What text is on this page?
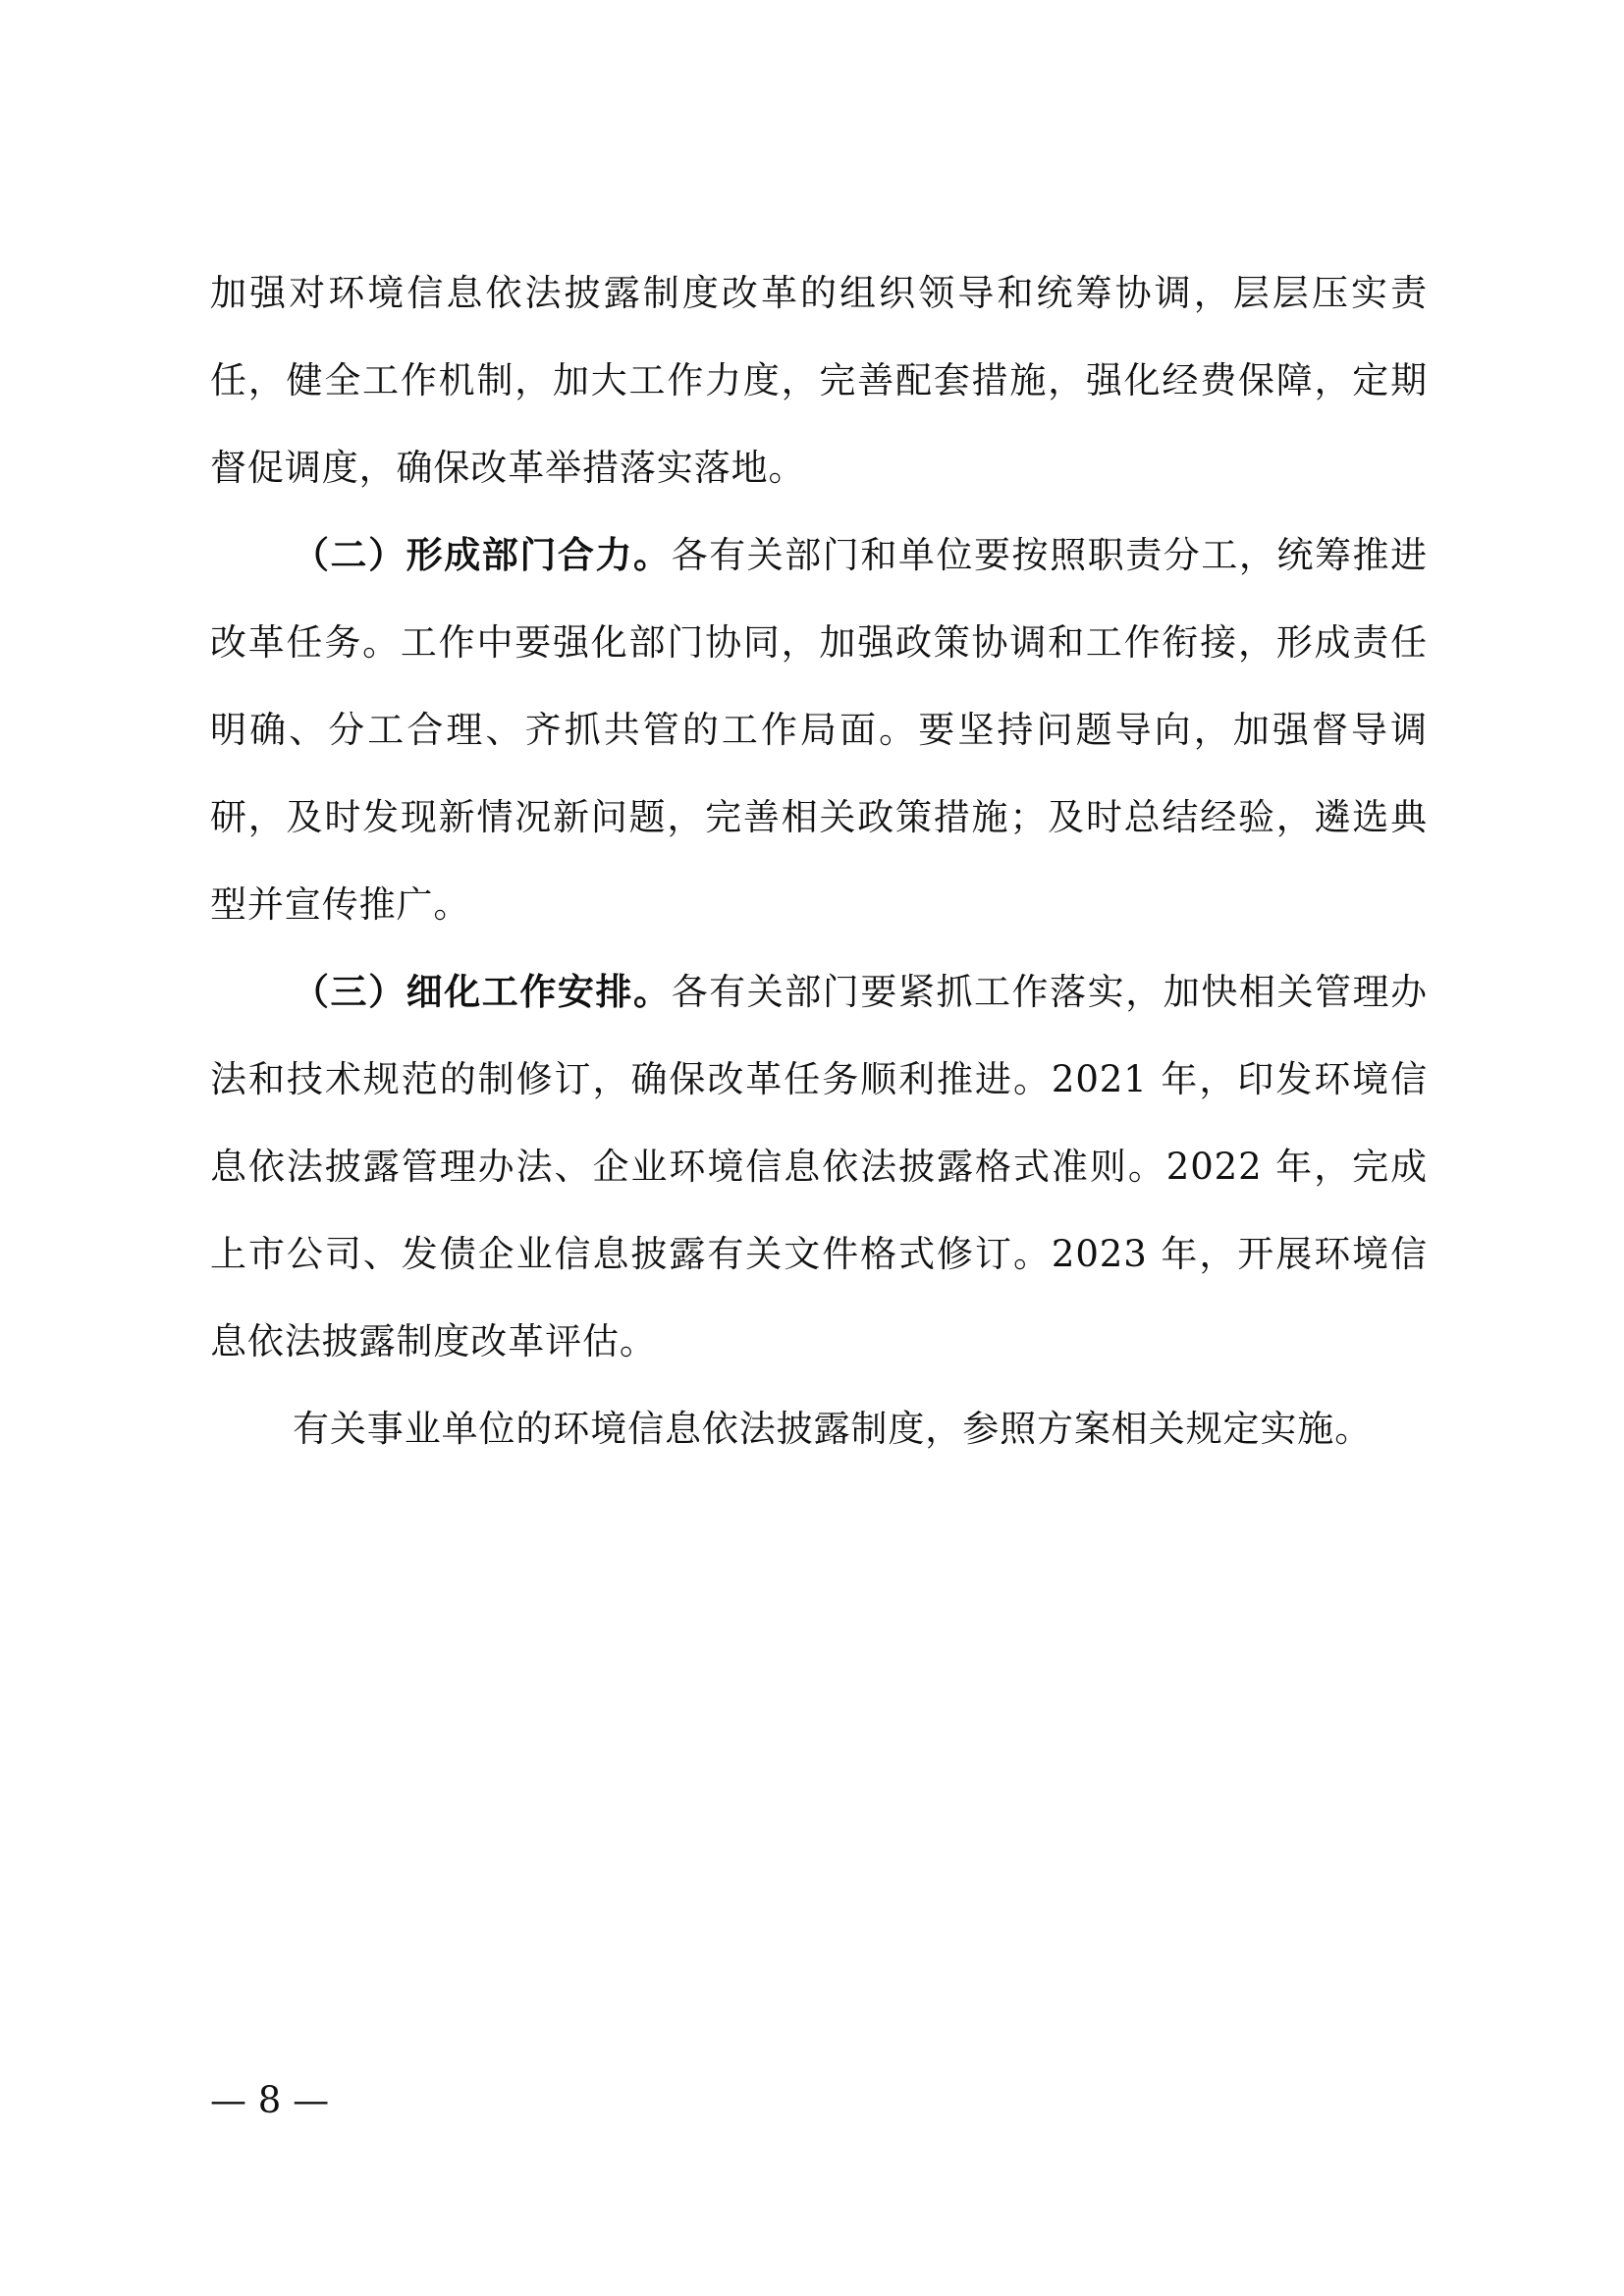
加强对环境信息依法披露制度改革的组织领导和统筹协调，层层压实责任，健全工作机制，加大工作力度，完善配套措施，强化经费保障，定期督促调度，确保改革举措落实落地。

（二）形成部门合力。各有关部门和单位要按照职责分工，统筹推进改革任务。工作中要强化部门协同，加强政策协调和工作衔接，形成责任明确、分工合理、齐抓共管的工作局面。要坚持问题导向，加强督导调研，及时发现新情况新问题，完善相关政策措施；及时总结经验，遴选典型并宣传推广。

（三）细化工作安排。各有关部门要紧抓工作落实，加快相关管理办法和技术规范的制修订，确保改革任务顺利推进。2021 年，印发环境信息依法披露管理办法、企业环境信息依法披露格式准则。2022 年，完成上市公司、发债企业信息披露有关文件格式修订。2023 年，开展环境信息依法披露制度改革评估。

有关事业单位的环境信息依法披露制度，参照方案相关规定实施。

— 8 —
